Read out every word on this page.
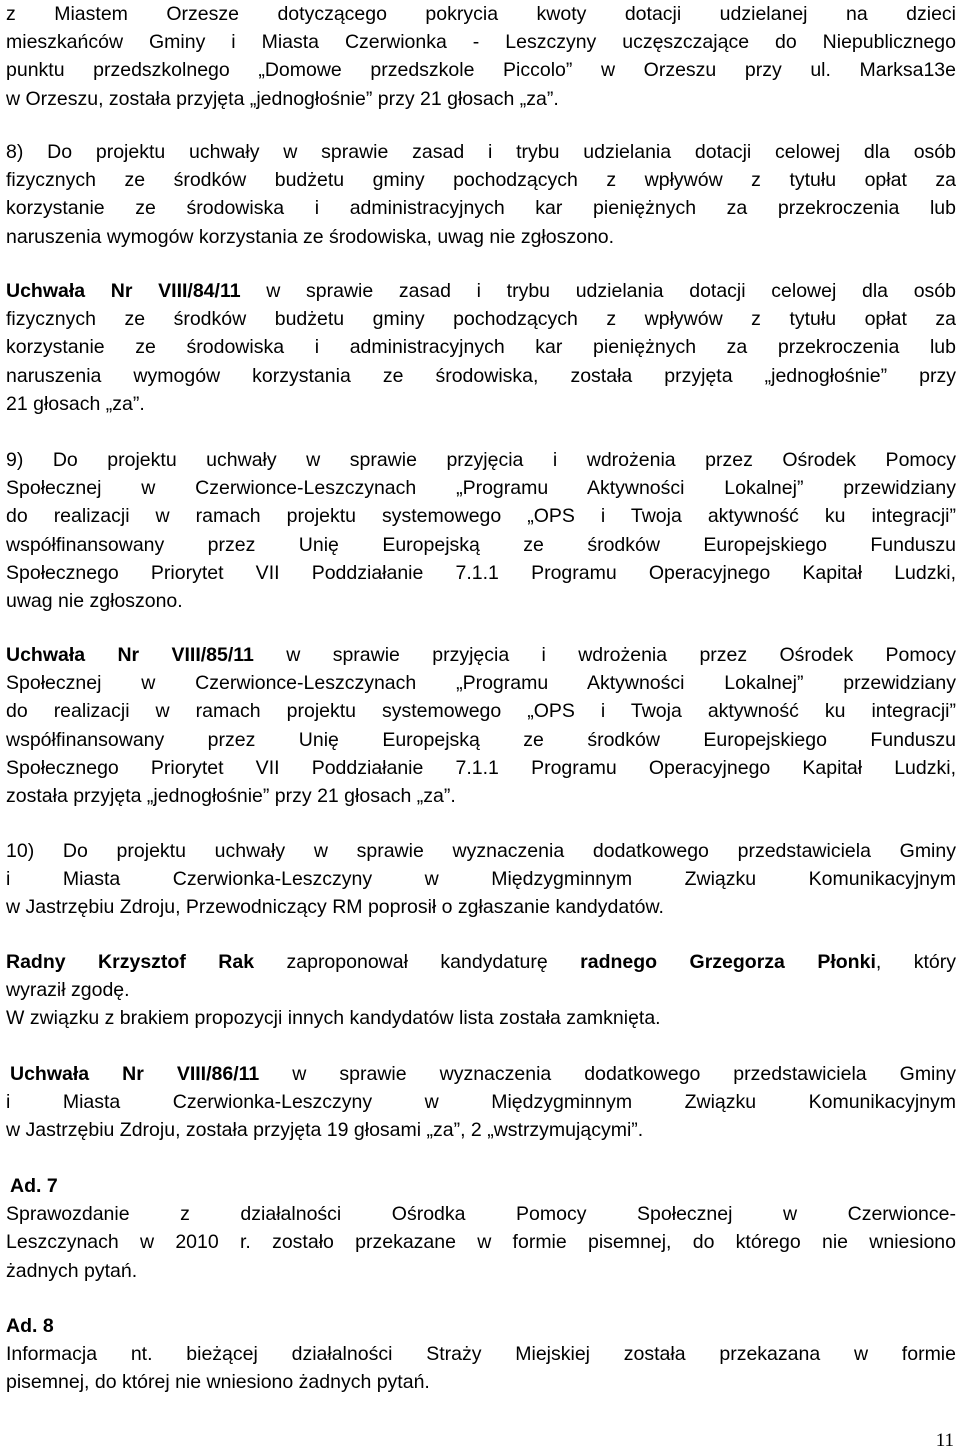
z Miastem Orzesze dotyczącego pokrycia kwoty dotacji udzielanej na dzieci
mieszkańców Gminy i Miasta Czerwionka - Leszczyny uczęszczające do Niepublicznego
punktu przedszkolnego „Domowe przedszkole Piccolo” w Orzeszu przy ul. Marksa13e
w Orzeszu, została przyjęta „jednogłośnie” przy 21 głosach „za”.
8) Do projektu uchwały w sprawie zasad i trybu udzielania dotacji celowej dla osób
fizycznych ze środków budżetu gminy pochodzących z wpływów z tytułu opłat za
korzystanie ze środowiska i administracyjnych kar pieniężnych za przekroczenia lub
naruszenia wymogów korzystania ze środowiska, uwag nie zgłoszono.
Uchwała Nr VIII/84/11 w sprawie zasad i trybu udzielania dotacji celowej dla osób
fizycznych ze środków budżetu gminy pochodzących z wpływów z tytułu opłat za
korzystanie ze środowiska i administracyjnych kar pieniężnych za przekroczenia lub
naruszenia wymogów korzystania ze środowiska, została przyjęta „jednogłośnie” przy
21 głosach „za”.
9) Do projektu uchwały w sprawie przyjęcia i wdrożenia przez Ośrodek Pomocy
Społecznej w Czerwionce-Leszczynach „Programu Aktywności Lokalnej” przewidziany
do realizacji w ramach projektu systemowego „OPS i Twoja aktywność ku integracji”
współfinansowany przez Unię Europejską ze środków Europejskiego Funduszu
Społecznego Priorytet VII Poddziałanie 7.1.1 Programu Operacyjnego Kapitał Ludzki,
uwag nie zgłoszono.
Uchwała Nr VIII/85/11 w sprawie przyjęcia i wdrożenia przez Ośrodek Pomocy
Społecznej w Czerwionce-Leszczynach „Programu Aktywności Lokalnej” przewidziany
do realizacji w ramach projektu systemowego „OPS i Twoja aktywność ku integracji”
współfinansowany przez Unię Europejską ze środków Europejskiego Funduszu
Społecznego Priorytet VII Poddziałanie 7.1.1 Programu Operacyjnego Kapitał Ludzki,
została przyjęta „jednogłośnie” przy 21 głosach „za”.
10) Do projektu uchwały w sprawie wyznaczenia dodatkowego przedstawiciela Gminy
i Miasta Czerwionka-Leszczyny w Międzygminnym Związku Komunikacyjnym
w Jastrzębiu Zdroju, Przewodniczący RM poprosił o zgłaszanie kandydatów.
Radny Krzysztof Rak zaproponował kandydaturę radnego Grzegorza Płonki, który
wyraził zgodę.
W związku z brakiem propozycji innych kandydatów lista została zamknięta.
Uchwała Nr VIII/86/11 w sprawie wyznaczenia dodatkowego przedstawiciela Gminy
i Miasta Czerwionka-Leszczyny w Międzygminnym Związku Komunikacyjnym
w Jastrzębiu Zdroju, została przyjęta 19 głosami „za”, 2 „wstrzymującymi”.
Ad. 7
Sprawozdanie z działalności Ośrodka Pomocy Społecznej w Czerwionce-
Leszczynach w 2010 r. zostało przekazane w formie pisemnej, do którego nie wniesiono
żadnych pytań.
Ad. 8
Informacja nt. bieżącej działalności Straży Miejskiej została przekazana w formie
pisemnej, do której nie wniesiono żadnych pytań.
11
